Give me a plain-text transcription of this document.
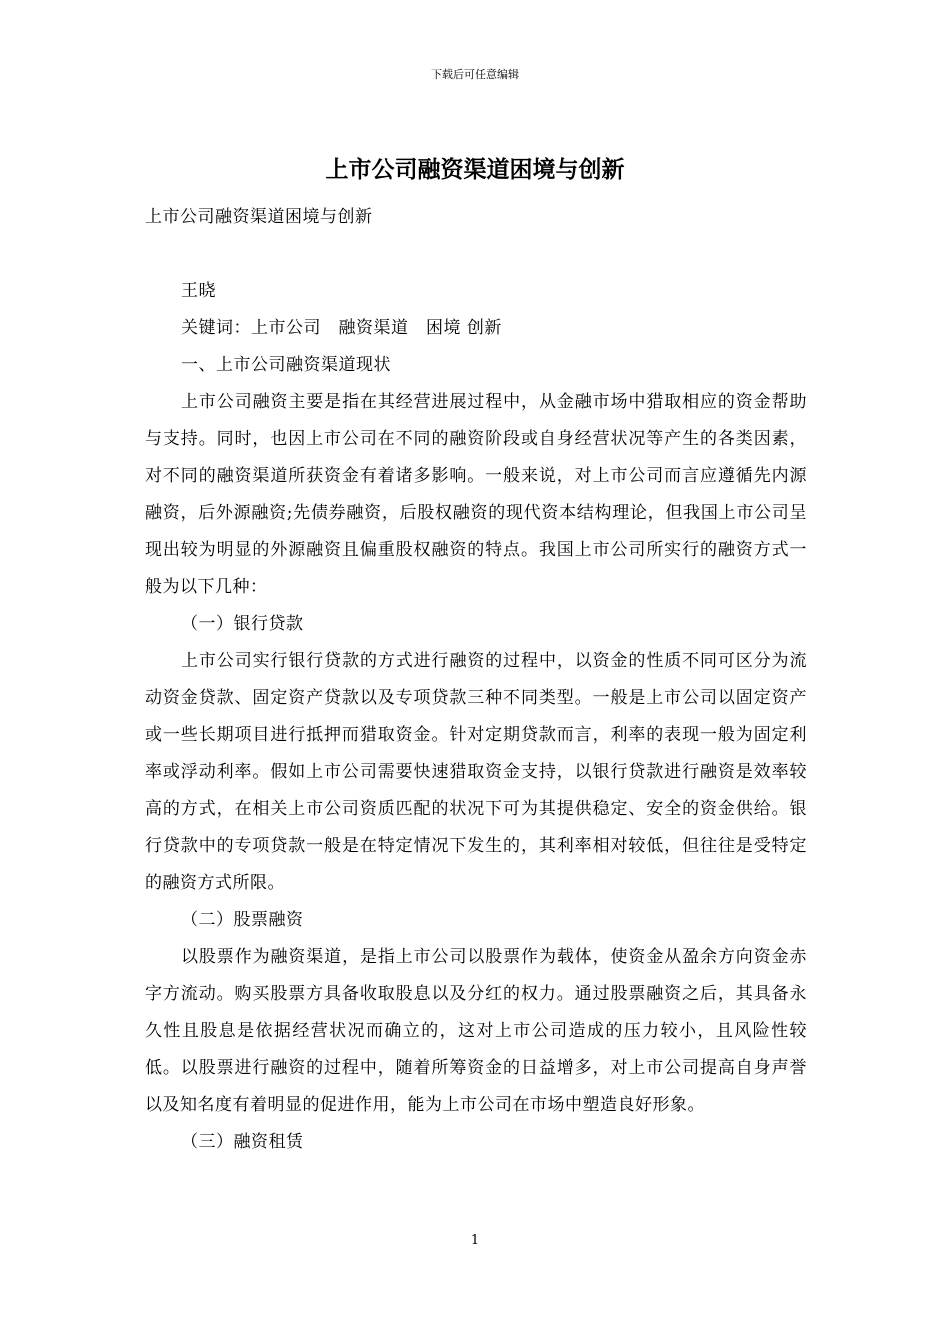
下载后可任意编辑
上市公司融资渠道困境与创新

上市公司融资渠道困境与创新

王晓

关键词：上市公司　融资渠道　困境 创新

一、上市公司融资渠道现状

上市公司融资主要是指在其经营进展过程中，从金融市场中猎取相应的资金帮助与支持。同时，也因上市公司在不同的融资阶段或自身经营状况等产生的各类因素，对不同的融资渠道所获资金有着诸多影响。一般来说，对上市公司而言应遵循先内源融资，后外源融资;先债券融资，后股权融资的现代资本结构理论，但我国上市公司呈现出较为明显的外源融资且偏重股权融资的特点。我国上市公司所实行的融资方式一般为以下几种：

（一）银行贷款

上市公司实行银行贷款的方式进行融资的过程中，以资金的性质不同可区分为流动资金贷款、固定资产贷款以及专项贷款三种不同类型。一般是上市公司以固定资产或一些长期项目进行抵押而猎取资金。针对定期贷款而言，利率的表现一般为固定利率或浮动利率。假如上市公司需要快速猎取资金支持，以银行贷款进行融资是效率较高的方式，在相关上市公司资质匹配的状况下可为其提供稳定、安全的资金供给。银行贷款中的专项贷款一般是在特定情况下发生的，其利率相对较低，但往往是受特定的融资方式所限。

（二）股票融资

以股票作为融资渠道，是指上市公司以股票作为载体，使资金从盈余方向资金赤字方流动。购买股票方具备收取股息以及分红的权力。通过股票融资之后，其具备永久性且股息是依据经营状况而确立的，这对上市公司造成的压力较小，且风险性较低。以股票进行融资的过程中，随着所筹资金的日益增多，对上市公司提高自身声誉以及知名度有着明显的促进作用，能为上市公司在市场中塑造良好形象。

（三）融资租赁

1
